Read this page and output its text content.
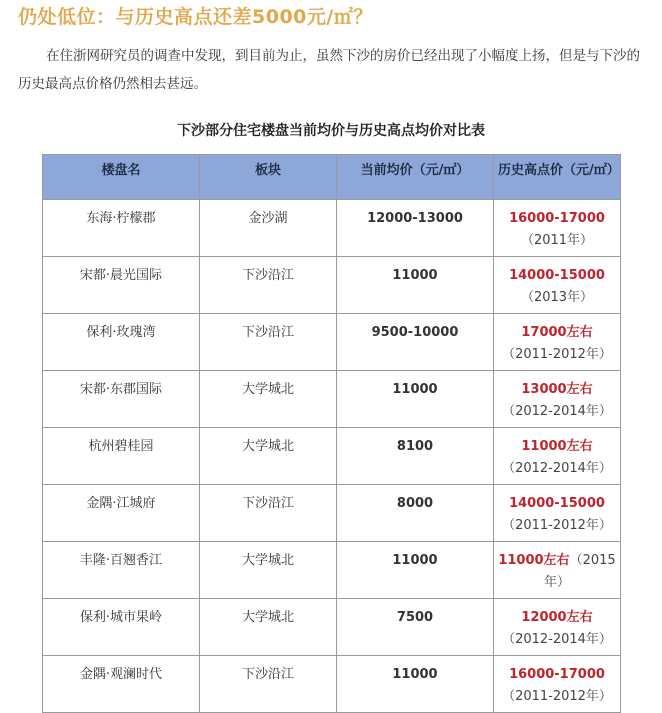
仍处低位：与历史高点还差5000元/㎡？
在住浙网研究员的调查中发现，到目前为止，虽然下沙的房价已经出现了小幅度上扬，但是与下沙的历史最高点价格仍然相去甚远。
下沙部分住宅楼盘当前均价与历史高点均价对比表
楼盘名	板块	当前均价（元/㎡）	历史高点价（元/㎡）
东海·柠檬郡	金沙湖	12000-13000	16000-17000（2011年）
宋都·晨光国际	下沙沿江	11000	14000-15000（2013年）
保利·玫瑰湾	下沙沿江	9500-10000	17000左右（2011-2012年）
宋都·东郡国际	大学城北	11000	13000左右（2012-2014年）
杭州碧桂园	大学城北	8100	11000左右（2012-2014年）
金隅·江城府	下沙沿江	8000	14000-15000（2011-2012年）
丰隆·百翘香江	大学城北	11000	11000左右（2015年）
保利·城市果岭	大学城北	7500	12000左右（2012-2014年）
金隅·观澜时代	下沙沿江	11000	16000-17000（2011-2012年）
